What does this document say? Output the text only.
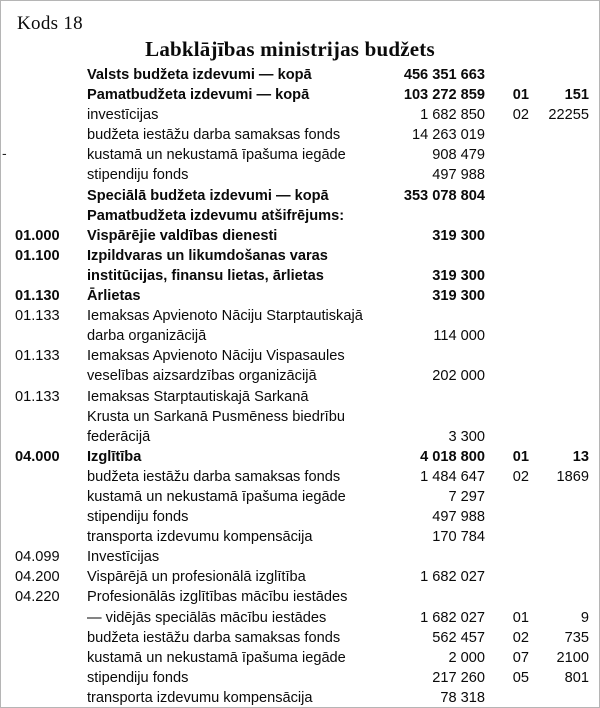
-
Kods 18
Labklājības ministrijas budžets
Valsts budžeta izdevumi — kopā	456 351 663
Pamatbudžeta izdevumi — kopā	103 272 859	01	151
investīcijas	1 682 850	02	22255
budžeta iestāžu darba samaksas fonds	14 263 019
kustamā un nekustamā īpašuma iegāde	908 479
stipendiju fonds	497 988
Speciālā budžeta izdevumi — kopā	353 078 804
Pamatbudžeta izdevumu atšifrējums:
01.000	Vispārējie valdības dienesti	319 300
01.100	Izpildvaras un likumdošanas varas
institūcijas, finansu lietas, ārlietas	319 300
01.130	Ārlietas	319 300
01.133	Iemaksas Apvienoto Nāciju Starptautiskajā
darba organizācijā	114 000
01.133	Iemaksas Apvienoto Nāciju Vispasaules
veselības aizsardzības organizācijā	202 000
01.133	Iemaksas Starptautiskajā Sarkanā
Krusta un Sarkanā Pusmēness biedrību
federācijā	3 300
04.000	Izglītība	4 018 800	01	13
budžeta iestāžu darba samaksas fonds	1 484 647	02	1869
kustamā un nekustamā īpašuma iegāde	7 297
stipendiju fonds	497 988
transporta izdevumu kompensācija	170 784
04.099	Investīcijas
04.200	Vispārējā un profesionālā izglītība	1 682 027
04.220	Profesionālās izglītības mācību iestādes
— vidējās speciālās mācību iestādes	1 682 027	01	9
budžeta iestāžu darba samaksas fonds	562 457	02	735
kustamā un nekustamā īpašuma iegāde	2 000	07	2100
stipendiju fonds	217 260	05	801
transporta izdevumu kompensācija	78 318
